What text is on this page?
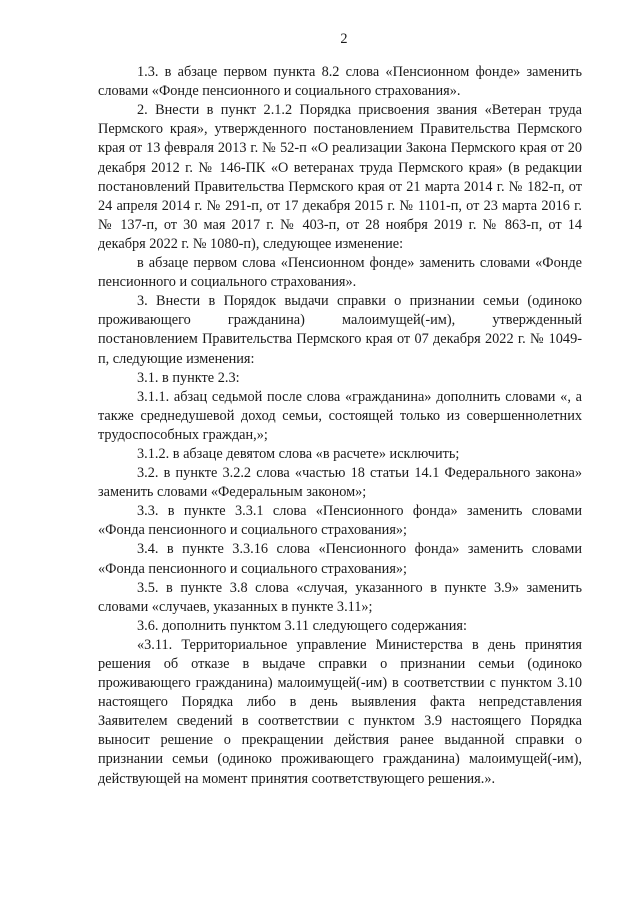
2

1.3. в абзаце первом пункта 8.2 слова «Пенсионном фонде» заменить словами «Фонде пенсионного и социального страхования».

2. Внести в пункт 2.1.2 Порядка присвоения звания «Ветеран труда Пермского края», утвержденного постановлением Правительства Пермского края от 13 февраля 2013 г. № 52-п «О реализации Закона Пермского края от 20 декабря 2012 г. № 146-ПК «О ветеранах труда Пермского края» (в редакции постановлений Правительства Пермского края от 21 марта 2014 г. № 182-п, от 24 апреля 2014 г. № 291-п, от 17 декабря 2015 г. № 1101-п, от 23 марта 2016 г. № 137-п, от 30 мая 2017 г. № 403-п, от 28 ноября 2019 г. № 863-п, от 14 декабря 2022 г. № 1080-п), следующее изменение:

в абзаце первом слова «Пенсионном фонде» заменить словами «Фонде пенсионного и социального страхования».

3. Внести в Порядок выдачи справки о признании семьи (одиноко проживающего гражданина) малоимущей(-им), утвержденный постановлением Правительства Пермского края от 07 декабря 2022 г. № 1049-п, следующие изменения:

3.1. в пункте 2.3:

3.1.1. абзац седьмой после слова «гражданина» дополнить словами «, а также среднедушевой доход семьи, состоящей только из совершеннолетних трудоспособных граждан,»;

3.1.2. в абзаце девятом слова «в расчете» исключить;

3.2. в пункте 3.2.2 слова «частью 18 статьи 14.1 Федерального закона» заменить словами «Федеральным законом»;

3.3. в пункте 3.3.1 слова «Пенсионного фонда» заменить словами «Фонда пенсионного и социального страхования»;

3.4. в пункте 3.3.16 слова «Пенсионного фонда» заменить словами «Фонда пенсионного и социального страхования»;

3.5. в пункте 3.8 слова «случая, указанного в пункте 3.9» заменить словами «случаев, указанных в пункте 3.11»;

3.6. дополнить пунктом 3.11 следующего содержания:

«3.11. Территориальное управление Министерства в день принятия решения об отказе в выдаче справки о признании семьи (одиноко проживающего гражданина) малоимущей(-им) в соответствии с пунктом 3.10 настоящего Порядка либо в день выявления факта непредставления Заявителем сведений в соответствии с пунктом 3.9 настоящего Порядка выносит решение о прекращении действия ранее выданной справки о признании семьи (одиноко проживающего гражданина) малоимущей(-им), действующей на момент принятия соответствующего решения.».
